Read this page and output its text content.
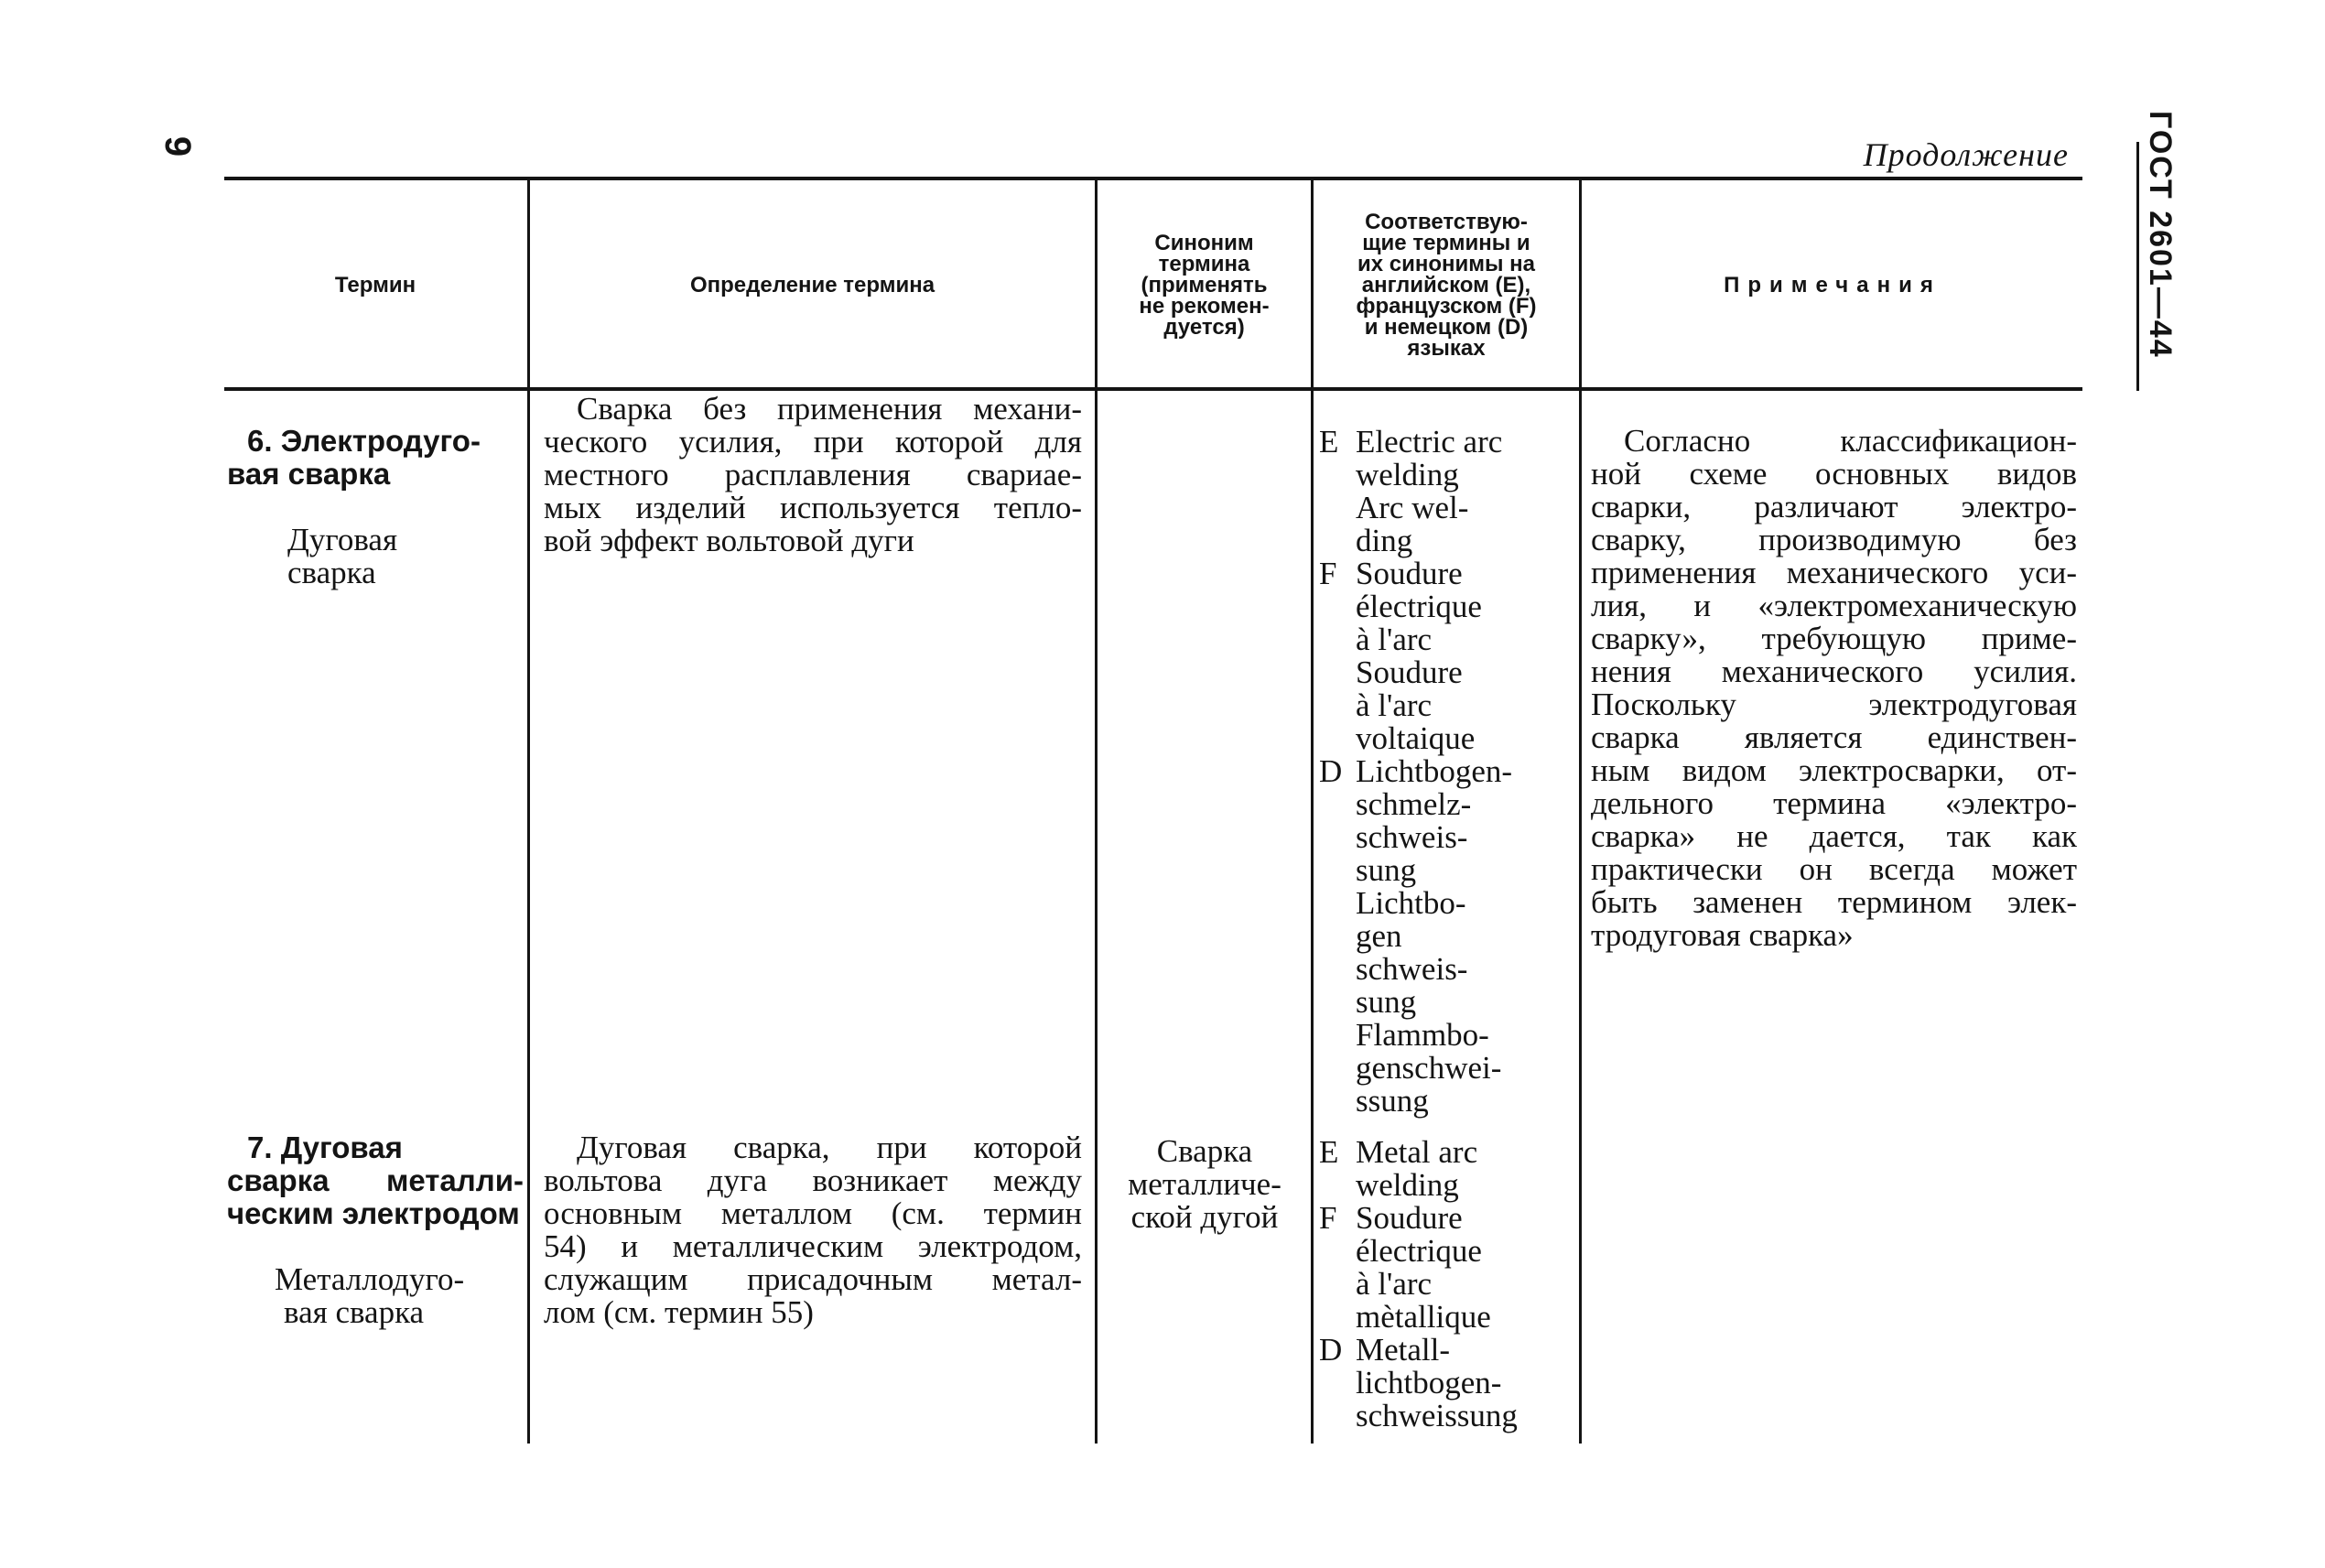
9	Продолжение ГОСТ 2601—44
Термин	Определение термина
Синоним
термина
(применять
не рекомен-
дуется)
Соответствую-
щие термины и
их синонимы на
английском (E),
французском (F)
и немецком (D)
языках
Примечания
6. Электродуго-
вая сварка
Дуговая
сварка
Сварка без применения механи-
ческого усилия, при которой для
местного расплавления свариае-
мых изделий используется тепло-
вой эффект вольтовой дуги
E Electric arc
welding
Arc wel-
ding
F Soudure
électrique
à l'arc
Soudure
à l'arc
voltaique
D Lichtbogen-
schmelz-
schweis-
sung
Lichtbo-
gen
schweis-
sung
Flammbo-
genschwei-
ssung
Согласно классификацион-
ной схеме основных видов
сварки, различают электро-
сварку, производимую без
применения механического уси-
лия, и «электромеханическую
сварку», требующую приме-
нения механического усилия.
Поскольку электродуговая
сварка является единствен-
ным видом электросварки, от-
дельного термина «электро-
сварка» не дается, так как
практически он всегда может
быть заменен термином элек-
тродуговая сварка»
7. Дуговая
сварка металли-
ческим электродом
Металлодуго-
вая сварка
Дуговая сварка, при которой
вольтова дуга возникает между
основным металлом (см. термин
54) и металлическим электродом,
служащим присадочным метал-
лом (см. термин 55)
Сварка
металличе-
ской дугой
E Metal arc
welding
F Soudure
électrique
à l'arc
mètallique
D Metall-
lichtbogen-
schweissung
